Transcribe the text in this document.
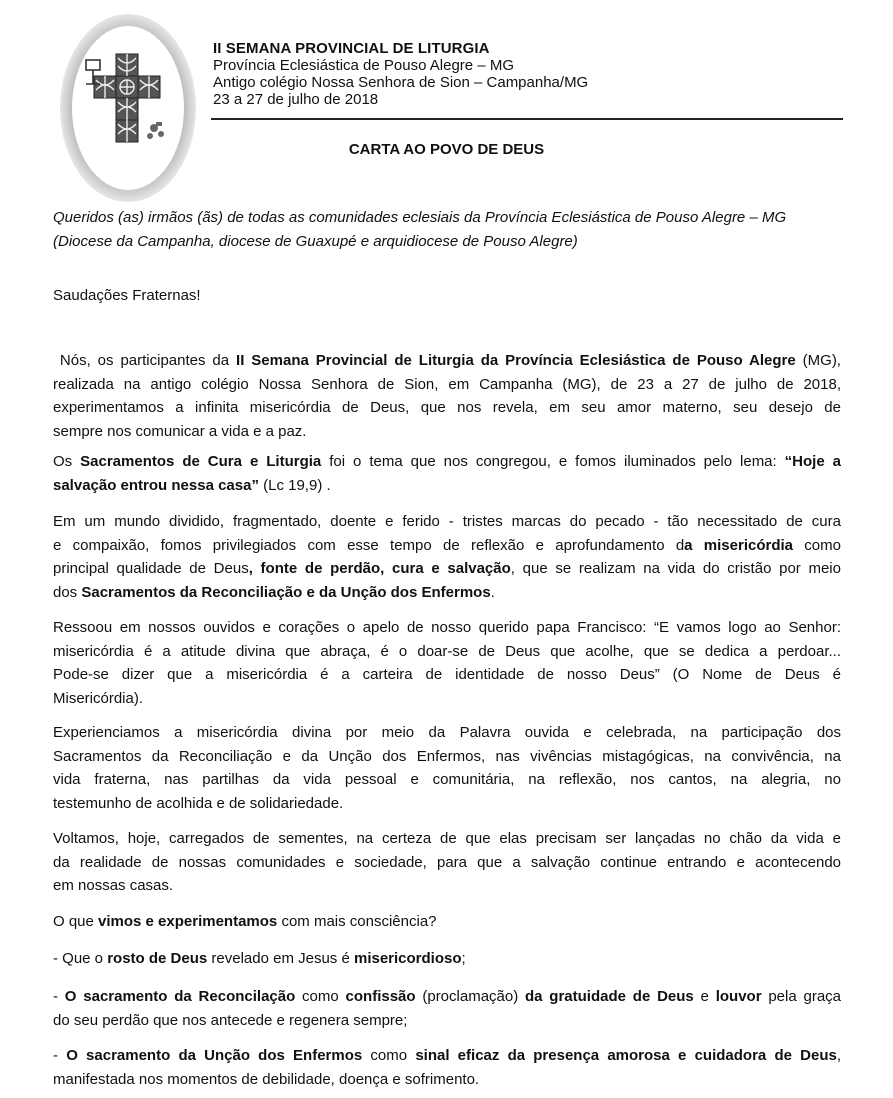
II SEMANA PROVINCIAL DE LITURGIA
Província Eclesiástica de Pouso Alegre – MG
Antigo colégio Nossa Senhora de Sion – Campanha/MG
23 a 27 de julho de 2018
CARTA AO POVO DE DEUS
Queridos (as) irmãos (ãs) de todas as comunidades eclesiais da Província Eclesiástica de Pouso Alegre – MG
(Diocese da Campanha, diocese de Guaxupé e arquidiocese de Pouso Alegre)
Saudações Fraternas!
Nós, os participantes da II Semana Provincial de Liturgia da Província Eclesiástica de Pouso Alegre (MG),
realizada na antigo colégio Nossa Senhora de Sion, em Campanha (MG), de 23 a 27 de julho de 2018,
experimentamos a infinita misericórdia de Deus, que nos revela, em seu amor materno, seu desejo de
sempre nos comunicar a vida e a paz.
Os Sacramentos de Cura e Liturgia foi o tema que nos congregou, e fomos iluminados pelo lema: “Hoje a
salvação entrou nessa casa” (Lc 19,9) .
Em um mundo dividido, fragmentado, doente e ferido - tristes marcas do pecado - tão necessitado de cura
e compaixão, fomos privilegiados com esse tempo de reflexão e aprofundamento da misericórdia como
principal qualidade de Deus, fonte de perdão, cura e salvação, que se realizam na vida do cristão por meio
dos Sacramentos da Reconciliação e da Unção dos Enfermos.
Ressoou em nossos ouvidos e corações o apelo de nosso querido papa Francisco: “E vamos logo ao Senhor:
misericórdia é a atitude divina que abraça, é o doar-se de Deus que acolhe, que se dedica a perdoar...
Pode-se dizer que a misericórdia é a carteira de identidade de nosso Deus” (O Nome de Deus é
Misericórdia).
Experienciamos a misericórdia divina por meio da Palavra ouvida e celebrada, na participação dos
Sacramentos da Reconciliação e da Unção dos Enfermos, nas vivências mistagógicas, na convivência, na
vida fraterna, nas partilhas da vida pessoal e comunitária, na reflexão, nos cantos, na alegria, no
testemunho de acolhida e de solidariedade.
Voltamos, hoje, carregados de sementes, na certeza de que elas precisam ser lançadas no chão da vida e
da realidade de nossas comunidades e sociedade, para que a salvação continue entrando e acontecendo
em nossas casas.
O que vimos e experimentamos com mais consciência?
- Que o rosto de Deus revelado em Jesus é misericordioso;
- O sacramento da Reconcilação como confissão (proclamação) da gratuidade de Deus e louvor pela graça
do seu perdão que nos antecede e regenera sempre;
- O sacramento da Unção dos Enfermos como sinal eficaz da presença amorosa e cuidadora de Deus,
manifestada nos momentos de debilidade, doença e sofrimento.
